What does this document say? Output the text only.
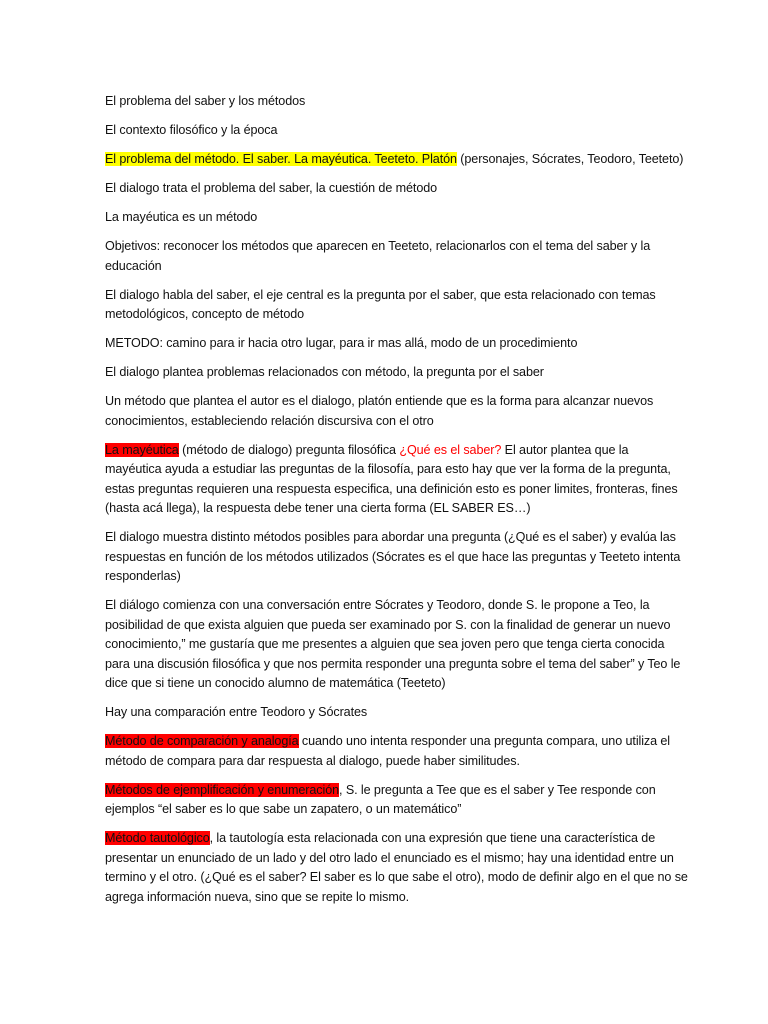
El problema del saber y los métodos

El contexto filosófico y la época

El problema del método. El saber. La mayéutica. Teeteto. Platón (personajes, Sócrates, Teodoro, Teeteto)

El dialogo trata el problema del saber, la cuestión de método

La mayéutica es un método

Objetivos: reconocer los métodos que aparecen en Teeteto, relacionarlos con el tema del saber y la educación

El dialogo habla del saber, el eje central es la pregunta por el saber, que esta relacionado con temas metodológicos, concepto de método

METODO: camino para ir hacia otro lugar, para ir mas allá, modo de un procedimiento

El dialogo plantea problemas relacionados con método, la pregunta por el saber

Un método que plantea el autor es el dialogo, platón entiende que es la forma para alcanzar nuevos conocimientos, estableciendo relación discursiva con el otro

La mayéutica (método de dialogo) pregunta filosófica ¿Qué es el saber? El autor plantea que la mayéutica ayuda a estudiar las preguntas de la filosofía, para esto hay que ver la forma de la pregunta, estas preguntas requieren una respuesta especifica, una definición esto es poner limites, fronteras, fines (hasta acá llega), la respuesta debe tener una cierta forma (EL SABER ES…)

El dialogo muestra distinto métodos posibles para abordar una pregunta (¿Qué es el saber) y evalúa las respuestas en función de los métodos utilizados (Sócrates es el que hace las preguntas y Teeteto intenta responderlas)

El diálogo comienza con una conversación entre Sócrates y Teodoro, donde S. le propone a Teo, la posibilidad de que exista alguien que pueda ser examinado por S. con la finalidad de generar un nuevo conocimiento,” me gustaría que me presentes a alguien que sea joven pero que tenga cierta conocida para una discusión filosófica y que nos permita responder una pregunta sobre el tema del saber” y Teo le dice que si tiene un conocido alumno de matemática (Teeteto)

Hay una comparación entre Teodoro y Sócrates

Método de comparación y analogía cuando uno intenta responder una pregunta compara, uno utiliza el método de compara para dar respuesta al dialogo, puede haber similitudes.

Métodos de ejemplificación y enumeración, S. le pregunta a Tee que es el saber y Tee responde con ejemplos “el saber es lo que sabe un zapatero, o un matemático”

Método tautológico, la tautología esta relacionada con una expresión que tiene una característica de presentar un enunciado de un lado y del otro lado el enunciado es el mismo; hay una identidad entre un termino y el otro. (¿Qué es el saber? El saber es lo que sabe el otro), modo de definir algo en el que no se agrega información nueva, sino que se repite lo mismo.
